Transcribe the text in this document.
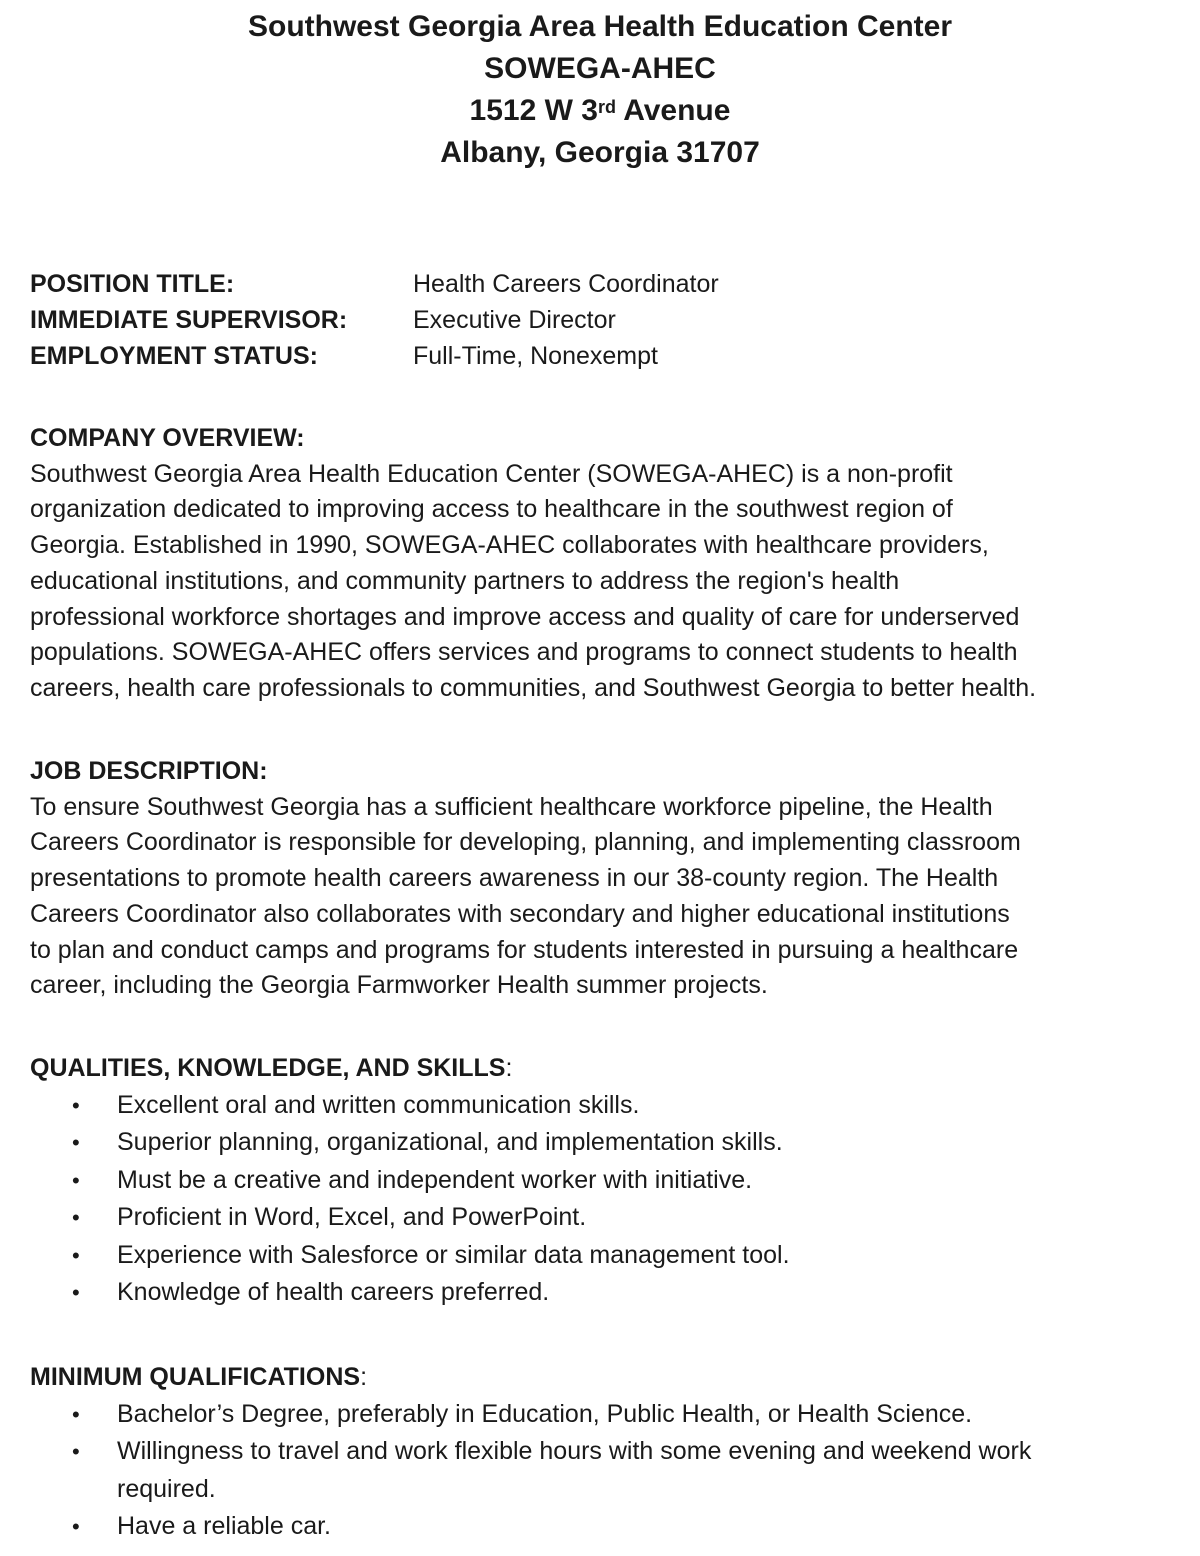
Southwest Georgia Area Health Education Center
SOWEGA-AHEC
1512 W 3rd Avenue
Albany, Georgia 31707
POSITION TITLE:	Health Careers Coordinator
IMMEDIATE SUPERVISOR:	Executive Director
EMPLOYMENT STATUS:	Full-Time, Nonexempt
COMPANY OVERVIEW:
Southwest Georgia Area Health Education Center (SOWEGA-AHEC) is a non-profit
organization dedicated to improving access to healthcare in the southwest region of
Georgia. Established in 1990, SOWEGA-AHEC collaborates with healthcare providers,
educational institutions, and community partners to address the region's health
professional workforce shortages and improve access and quality of care for underserved
populations. SOWEGA-AHEC offers services and programs to connect students to health
careers, health care professionals to communities, and Southwest Georgia to better health.
JOB DESCRIPTION:
To ensure Southwest Georgia has a sufficient healthcare workforce pipeline, the Health
Careers Coordinator is responsible for developing, planning, and implementing classroom
presentations to promote health careers awareness in our 38-county region. The Health
Careers Coordinator also collaborates with secondary and higher educational institutions
to plan and conduct camps and programs for students interested in pursuing a healthcare
career, including the Georgia Farmworker Health summer projects.
QUALITIES, KNOWLEDGE, AND SKILLS:
• Excellent oral and written communication skills.
• Superior planning, organizational, and implementation skills.
• Must be a creative and independent worker with initiative.
• Proficient in Word, Excel, and PowerPoint.
• Experience with Salesforce or similar data management tool.
• Knowledge of health careers preferred.
MINIMUM QUALIFICATIONS:
• Bachelor’s Degree, preferably in Education, Public Health, or Health Science.
• Willingness to travel and work flexible hours with some evening and weekend work required.
• Have a reliable car.
